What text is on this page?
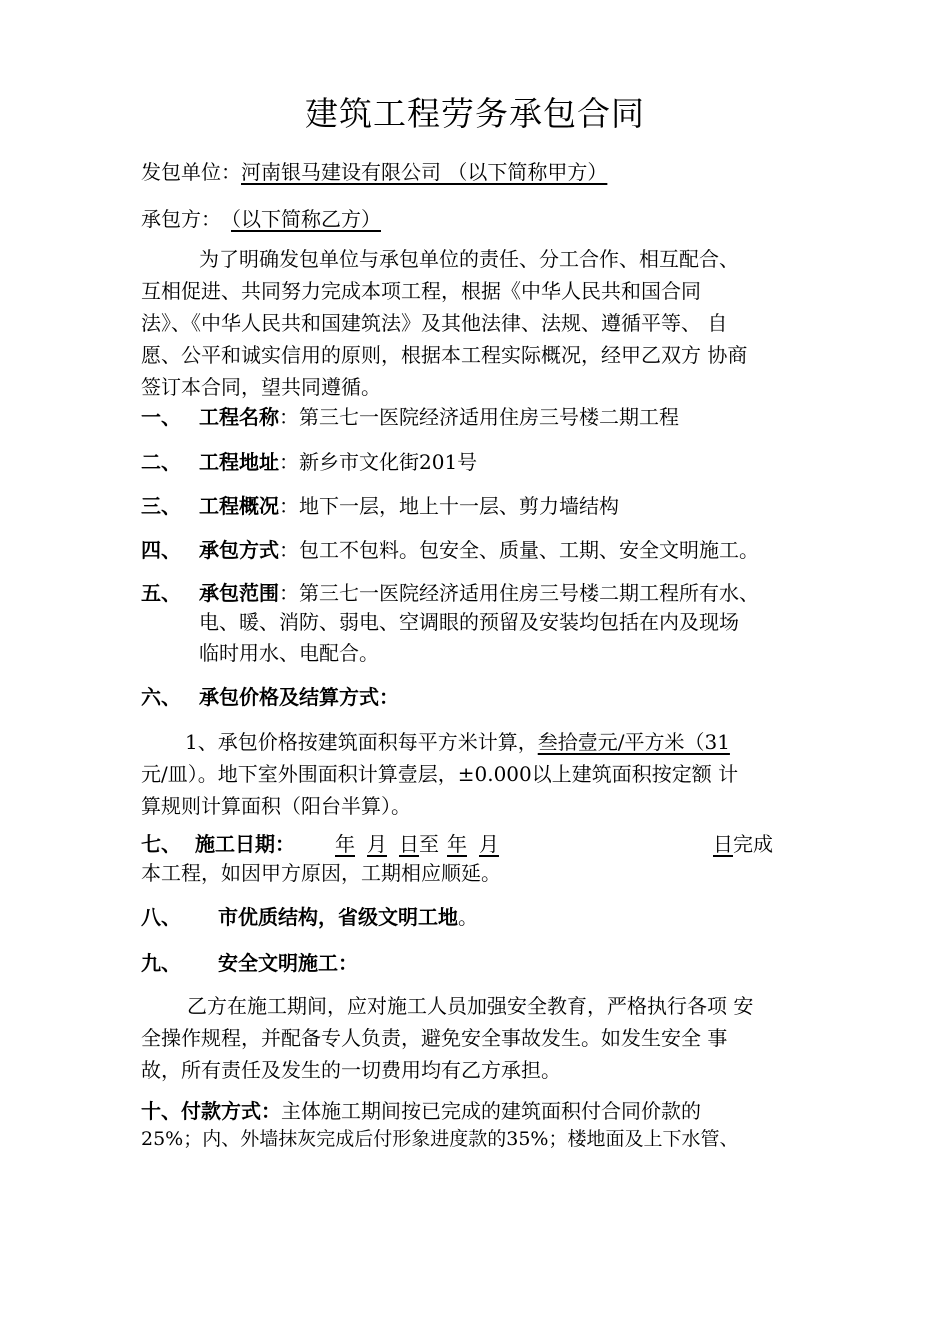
建筑工程劳务承包合同
发包单位：河南银马建设有限公司 （以下简称甲方）
承包方： （以下简称乙方）
为了明确发包单位与承包单位的责任、分工合作、相互配合、
互相促进、共同努力完成本项工程，根据《中华人民共和国合同
法》、《中华人民共和国建筑法》及其他法律、法规、遵循平等、 自
愿、公平和诚实信用的原则，根据本工程实际概况，经甲乙双方 协商
签订本合同，望共同遵循。
一、 工程名称：第三七一医院经济适用住房三号楼二期工程
二、 工程地址：新乡市文化街201号
三、 工程概况：地下一层，地上十一层、剪力墙结构
四、 承包方式：包工不包料。包安全、质量、工期、安全文明施工。
五、 承包范围：第三七一医院经济适用住房三号楼二期工程所有水、
电、暖、消防、弱电、空调眼的预留及安装均包括在内及现场
临时用水、电配合。
六、 承包价格及结算方式：
1、承包价格按建筑面积每平方米计算，叁拾壹元/平方米（31
元/皿）。地下室外围面积计算壹层，±0.000以上建筑面积按定额 计
算规则计算面积（阳台半算）。
七、 施工日期： 年 月 日至 年 月	日完成
本工程，如因甲方原因，工期相应顺延。
八、 市优质结构，省级文明工地。
九、 安全文明施工：
乙方在施工期间，应对施工人员加强安全教育，严格执行各项 安
全操作规程，并配备专人负责，避免安全事故发生。如发生安全 事
故，所有责任及发生的一切费用均有乙方承担。
十、付款方式：主体施工期间按已完成的建筑面积付合同价款的
25%；内、外墙抹灰完成后付形象进度款的35%；楼地面及上下水管、
